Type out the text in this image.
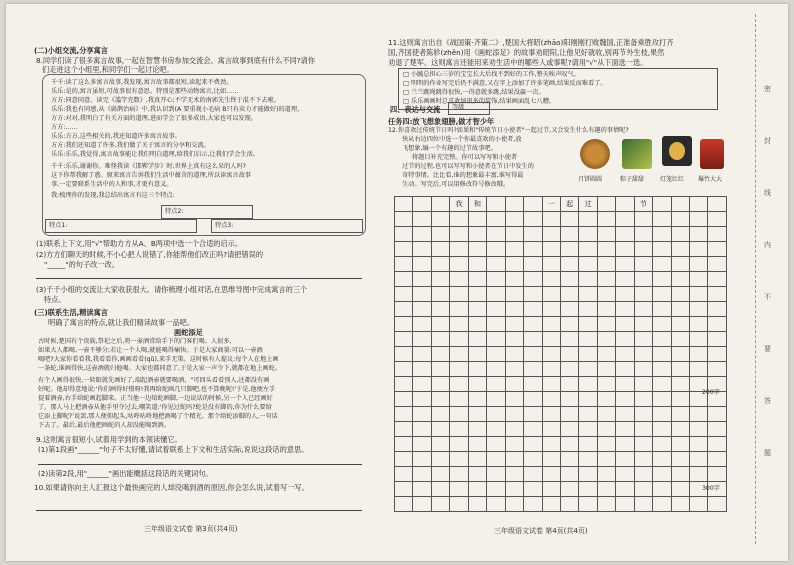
(二)小组交流,分享寓言
8.同学们读了很多寓言故事,一起在智慧书房参加交流会。寓言故事到底有什么不同?请你
们走进这个小组里,和同学们一起讨论吧。
千千:读了这么多寓言故事,我发现,寓言故事都很短,读起来不费劲。
乐乐:是的,寓言虽短,可故事很有意思。特别是那些动物寓言,比如……
方方:同意同意。读完《滥竽充数》,我真开心;不学无术的南郭先生终于混不下去啦。
乐乐:我也有同感,从《扁鹊治病》中,我认识到(A 要重视小毛病 B只有卖力才能做好)的道理。
方方:对对,我明白了有关方面的道理,进而学会了很多成语,大家也可以发现。
方方:……
乐乐:方方,这些相关的,我还知道许多寓言故事。
方方:我们还知道了许多,我们做了关于寓言的分享和交流。
乐乐:乐乐,我觉得,寓言故事能让我们明白道理,给我们启示,让我们学会生活。
千千:乐乐,谢谢你。难怪我读《邯郸学步》时,世界上真有这么呆的人吗?
这下你帮我解了惑。原来寓言告诉我们生活中蕴含的道理,所以读寓言故事
事,一定要联系生活中的人和事,才更有意义。
我:梳理你的发现,我总结出寓言有这三个特点:
特点2:
特点1:	特点3:
(1)联系上下文,用"√"帮助方方从A、B两项中选一个合适的启示。
(2)方方们聊天的时候,不小心把人说错了,你能帮他们改正吗?请把错误的
"_____"的句子改一改。
(3)千千小组的交流让大家收获很大。请你梳理小组对话,在思维导图中完成寓言的三个
特点。
(三)联系生活,精读寓言
明确了寓言的特点,就让我们精读故事一品吧。
画蛇添足
古时候,楚国有个贵族,祭祀之后,将一壶酒赏给手下的门客们喝。人很多,
如果大人都喝,一壶不够分;若让一个人喝,就能喝得痛快。于是大家商量:可以一壶酒
喝吧?大家你看看我,我看看你,画画看看(qǔ),来手无策。这时候有人提议:每个人在地上画
一条蛇,谁画得快,这壶酒就归他喝。大家也都同意了,于是大家一声令下,就都在地上画蛇。
有个人画得很快,一转眼就先画好了,端起酒壶就要喝酒。"可回头看看别人,还都没有画
好呢。他却得意地说:'你们画得好慢呀!我再给蛇画几只脚吧,也不算晚呢!'于是,他便左手
提着酒壶,右手给蛇画起脚来。正当他一边给蛇画脚,一边说话的时候,另一个人已经画好
了。那人马上把酒壶从他手里夺过去,嘲笑道:'你见过蛇吗?蛇是没有脚的,你为什么要给
它添上脚呢?'说罢,那人便仰起头,咕咚咕咚地把酒喝了个精光。那个给蛇添脚的人,一句话
下去了。最后,最后他把画蛇的人却没能喝到酒。
9.这则寓言很短小,试着用学到的本领读懂它。
(1)第1段画"______"句子不太好懂,请试着联系上下文和生活实际,说说这段话的意思。
(2)读第2段,用"______"画出能概括这段话的关键词句。
10.如果请你向主人汇报这个最快画完的人却没喝到酒的原因,你会怎么说,试着写一写。
三年级语文试卷 第3页(共4页)
11.这则寓言出自《战国策·齐策二》,楚国大将昭(zhāo)阳刚刚打败魏国,正准备乘胜攻打齐
国,齐国使者陈轸(zhěn)用《画蛇添足》的故事劝昭阳,让他见好就收,别再节外生枝,果然
劝退了楚军。这则寓言还能用来劝生活中的哪些人或事呢?请用"√"从下面选一选。
□ 小毓总担心三岁的宝宝长大后找不到好的工作,整天唉声叹气。
□ 明明的作业写完后仍不满意,又在字上添加了许多笔画,结果反而难看了。
□ 兰兰跳绳跳得很快,一得意就多跳,结果没赢一次。
□ 乐乐画画时总喜欢加很多的装饰,结果画面乱七八糟。
四、表达与交流 等级
任务四:放飞想象翅膀,做才智少年
12.你喜欢过传统节日吗?如果和"传统节日小使者"一起过节,又会发生什么有趣的事情呢?
快从右边四位中选一个你最喜欢的小使者,放
飞想象,编一个有趣的过节故事吧。
将题目补充完整。你可以写写和小使者
过节的过程,也可以写写和小使者在节日中发生的
奇特事情。比比看,谁的想象最丰富,谁写得最
生动。写完后,可以用修改符号修改哦。
月饼圆圆	粽子甜甜	灯笼红红 爆竹大大
			我	和				一	起	过			节				

200字
300字
三年级语文试卷 第4页(共4页)
密
封
线
内
不
要
答
题
